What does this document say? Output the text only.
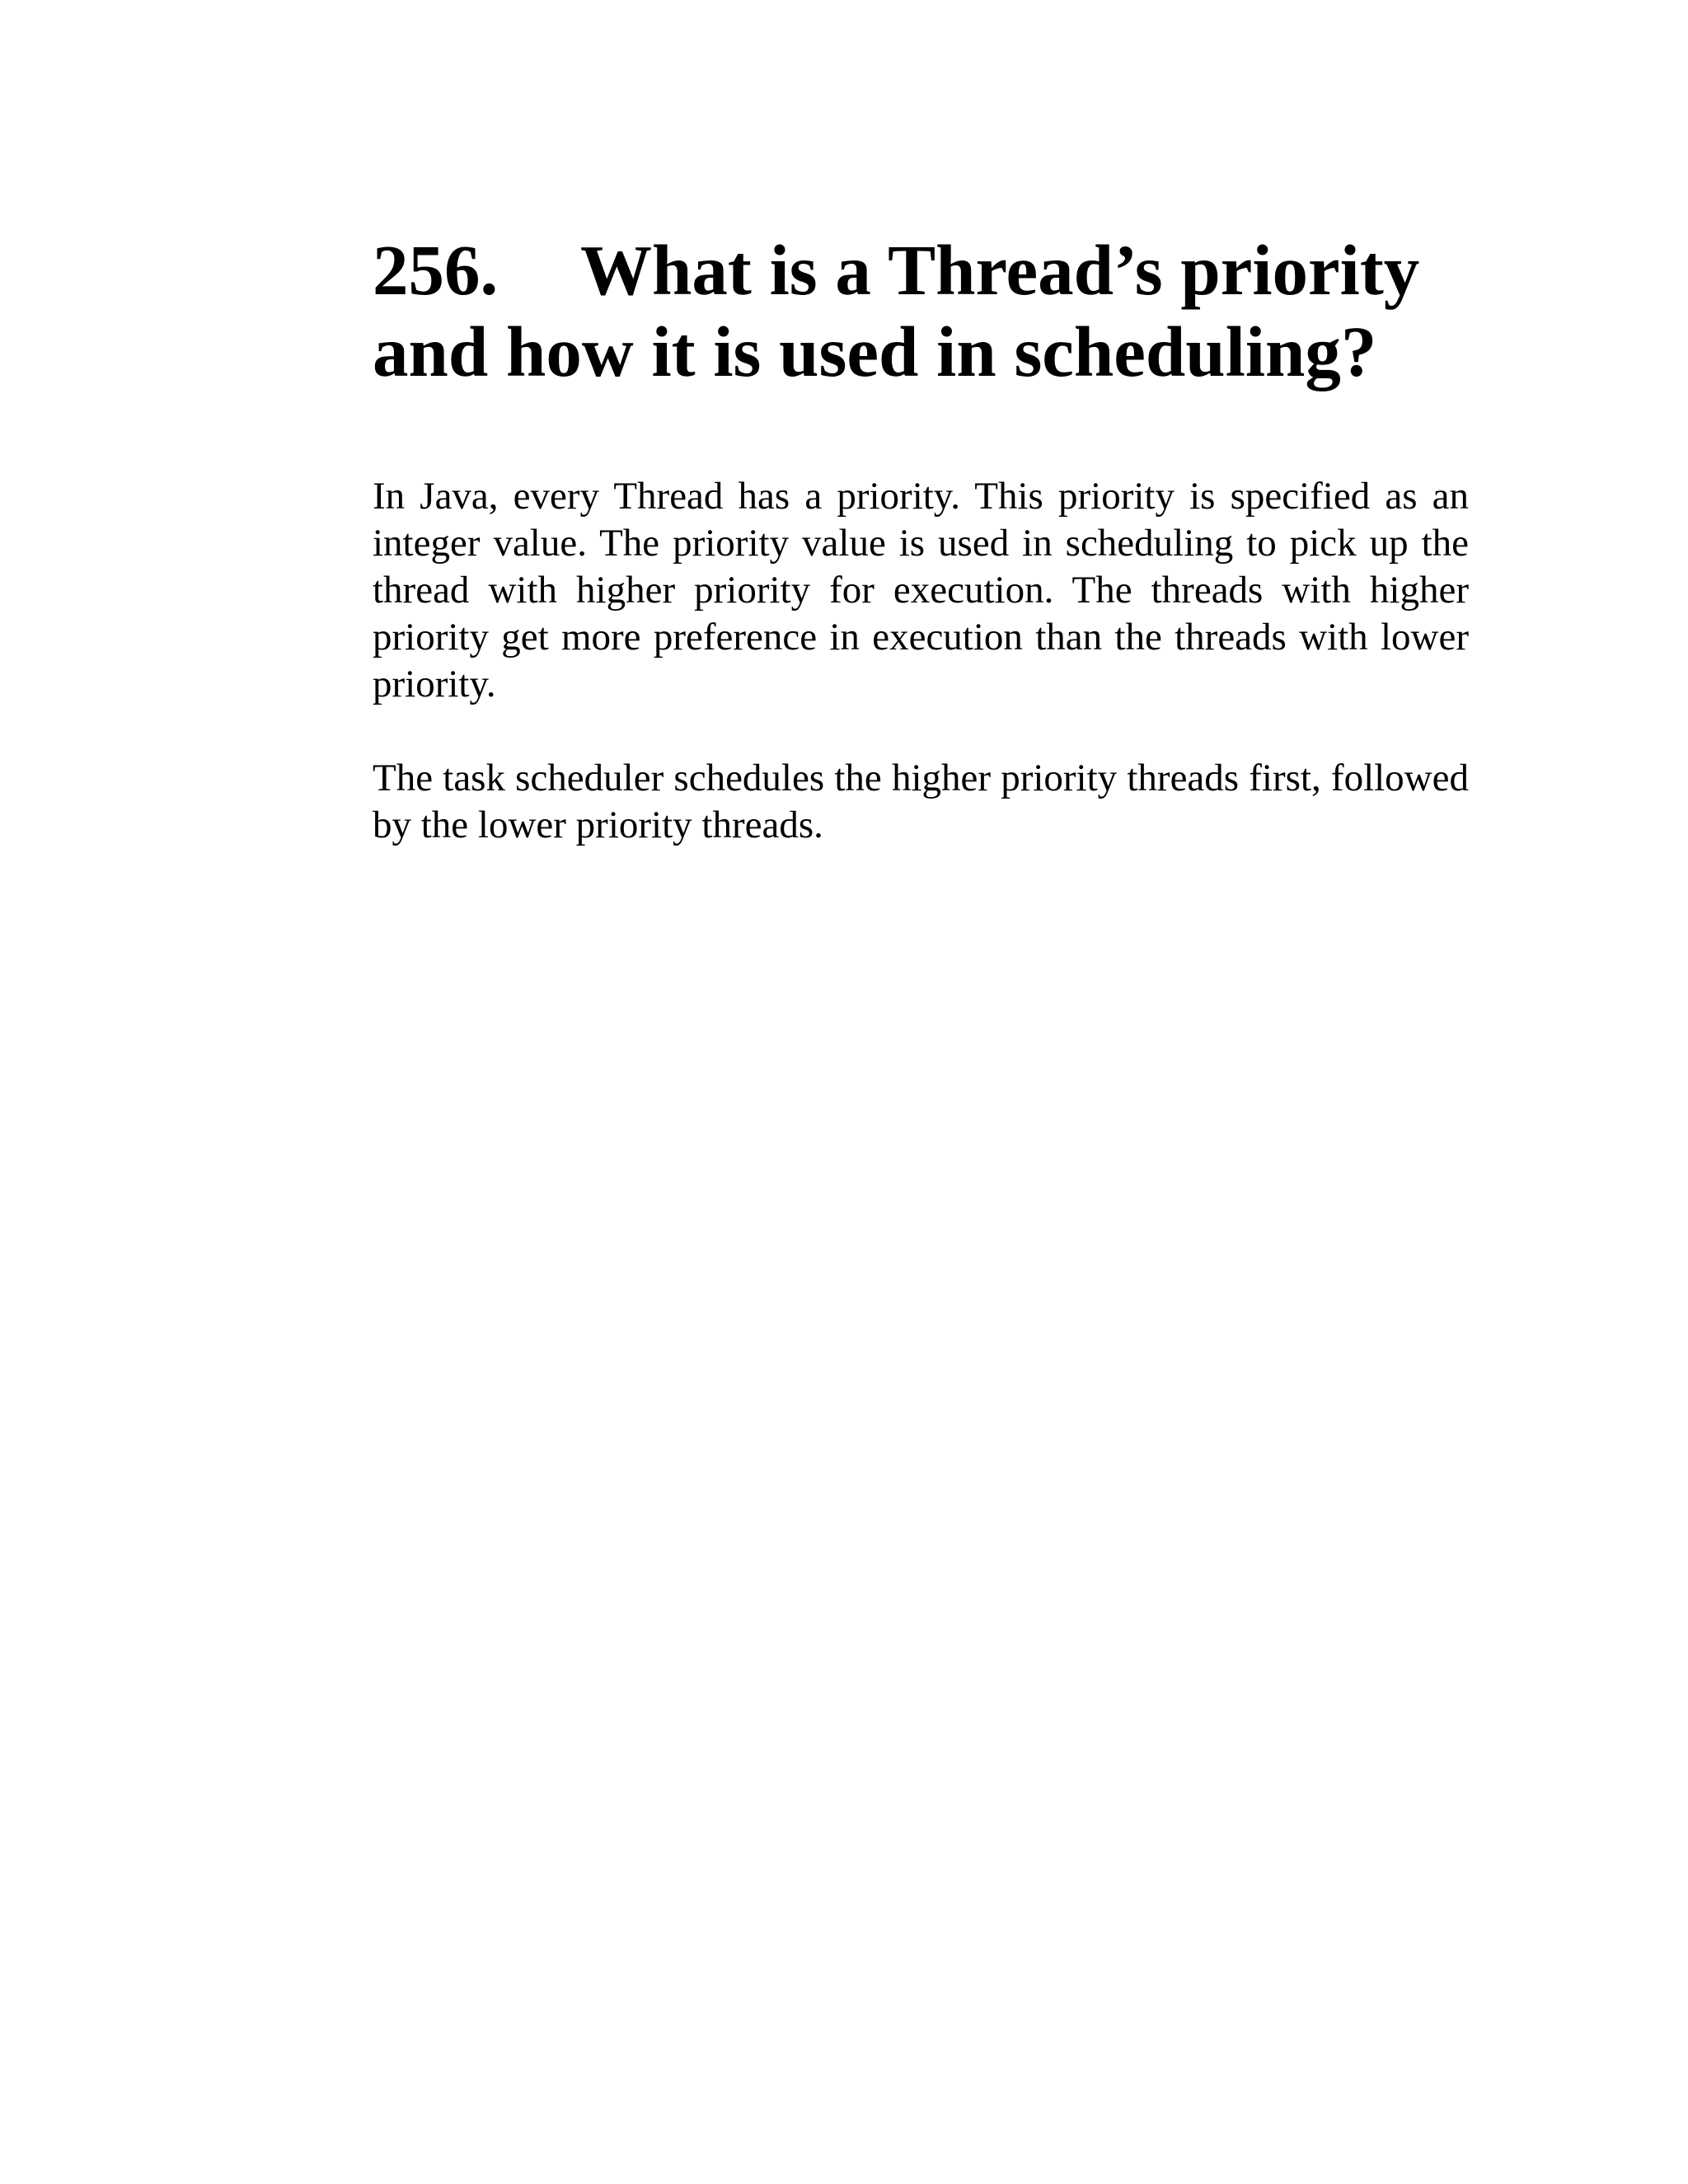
256. What is a Thread’s priority
and how it is used in scheduling?

In Java, every Thread has a priority. This priority is specified as an integer value. The priority value is used in scheduling to pick up the thread with higher priority for execution. The threads with higher priority get more preference in execution than the threads with lower priority.

The task scheduler schedules the higher priority threads first, followed by the lower priority threads.
